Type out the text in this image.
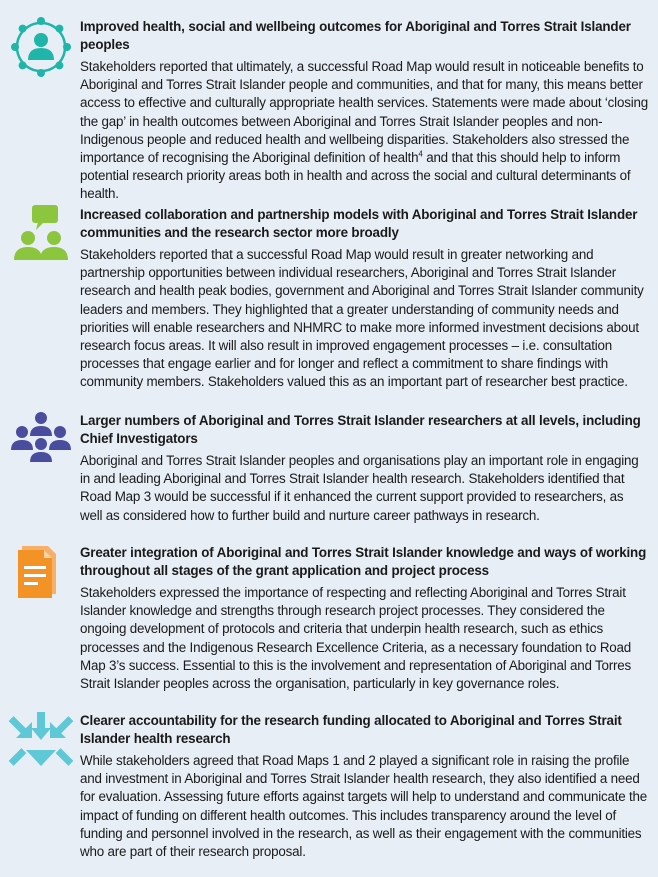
Improved health, social and wellbeing outcomes for Aboriginal and Torres Strait Islander peoples

Stakeholders reported that ultimately, a successful Road Map would result in noticeable benefits to Aboriginal and Torres Strait Islander people and communities, and that for many, this means better access to effective and culturally appropriate health services. Statements were made about ‘closing the gap’ in health outcomes between Aboriginal and Torres Strait Islander peoples and non-Indigenous people and reduced health and wellbeing disparities. Stakeholders also stressed the importance of recognising the Aboriginal definition of health$^4$ and that this should help to inform potential research priority areas both in health and across the social and cultural determinants of health.

Increased collaboration and partnership models with Aboriginal and Torres Strait Islander communities and the research sector more broadly

Stakeholders reported that a successful Road Map would result in greater networking and partnership opportunities between individual researchers, Aboriginal and Torres Strait Islander research and health peak bodies, government and Aboriginal and Torres Strait Islander community leaders and members. They highlighted that a greater understanding of community needs and priorities will enable researchers and NHMRC to make more informed investment decisions about research focus areas. It will also result in improved engagement processes – i.e. consultation processes that engage earlier and for longer and reflect a commitment to share findings with community members. Stakeholders valued this as an important part of researcher best practice.

Larger numbers of Aboriginal and Torres Strait Islander researchers at all levels, including Chief Investigators

Aboriginal and Torres Strait Islander peoples and organisations play an important role in engaging in and leading Aboriginal and Torres Strait Islander health research. Stakeholders identified that Road Map 3 would be successful if it enhanced the current support provided to researchers, as well as considered how to further build and nurture career pathways in research.

Greater integration of Aboriginal and Torres Strait Islander knowledge and ways of working throughout all stages of the grant application and project process

Stakeholders expressed the importance of respecting and reflecting Aboriginal and Torres Strait Islander knowledge and strengths through research project processes. They considered the ongoing development of protocols and criteria that underpin health research, such as ethics processes and the Indigenous Research Excellence Criteria, as a necessary foundation to Road Map 3’s success. Essential to this is the involvement and representation of Aboriginal and Torres Strait Islander peoples across the organisation, particularly in key governance roles.

Clearer accountability for the research funding allocated to Aboriginal and Torres Strait Islander health research

While stakeholders agreed that Road Maps 1 and 2 played a significant role in raising the profile and investment in Aboriginal and Torres Strait Islander health research, they also identified a need for evaluation. Assessing future efforts against targets will help to understand and communicate the impact of funding on different health outcomes. This includes transparency around the level of funding and personnel involved in the research, as well as their engagement with the communities who are part of their research proposal.
